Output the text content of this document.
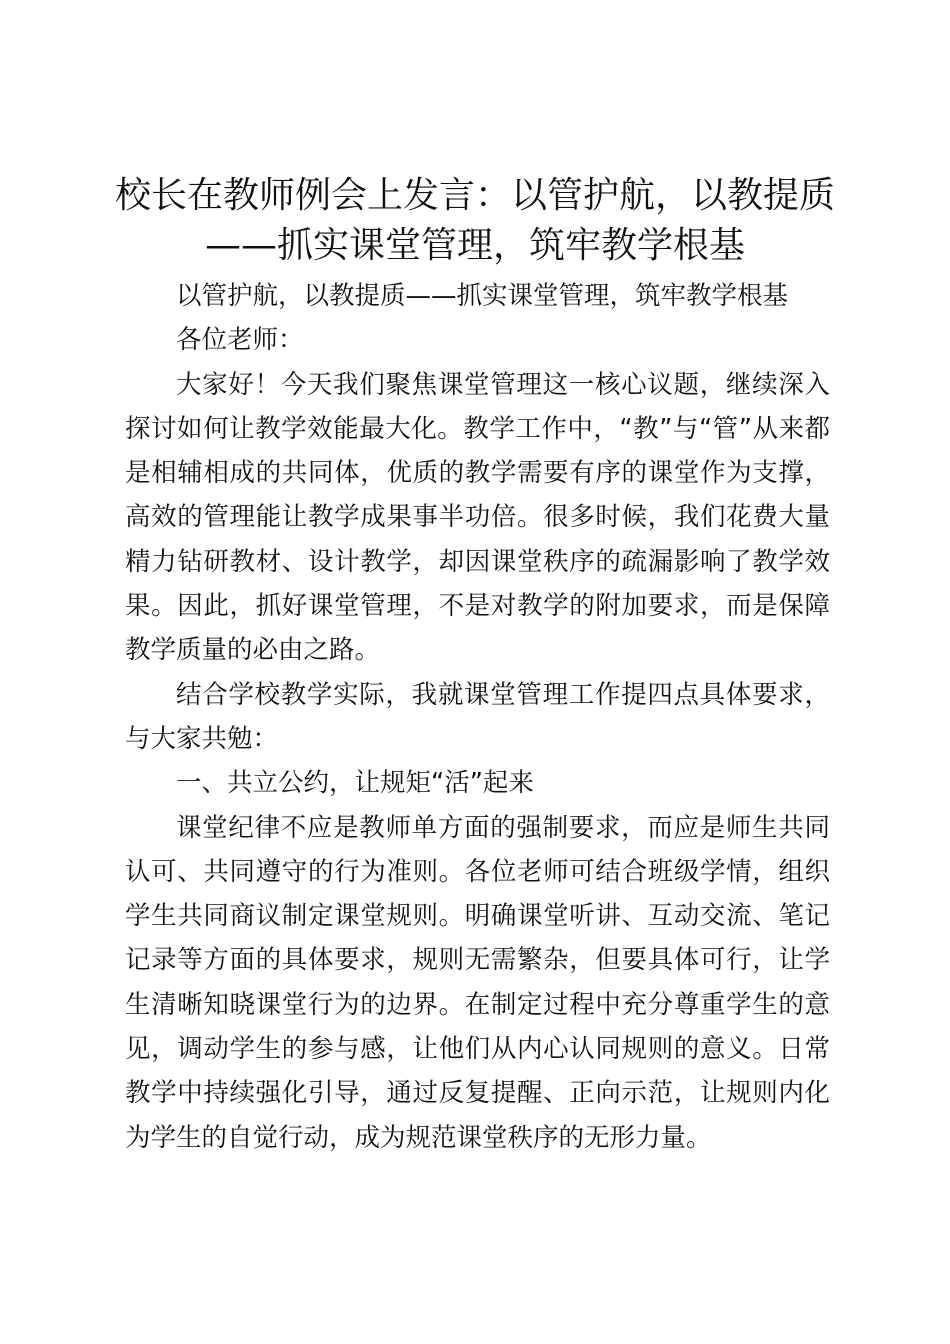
校长在教师例会上发言：以管护航，以教提质
——抓实课堂管理，筑牢教学根基

以管护航，以教提质——抓实课堂管理，筑牢教学根基

各位老师：

大家好！今天我们聚焦课堂管理这一核心议题，继续深入探讨如何让教学效能最大化。教学工作中，“教”与“管”从来都是相辅相成的共同体，优质的教学需要有序的课堂作为支撑，高效的管理能让教学成果事半功倍。很多时候，我们花费大量精力钻研教材、设计教学，却因课堂秩序的疏漏影响了教学效果。因此，抓好课堂管理，不是对教学的附加要求，而是保障教学质量的必由之路。

结合学校教学实际，我就课堂管理工作提四点具体要求，与大家共勉：

一、共立公约，让规矩“活”起来

课堂纪律不应是教师单方面的强制要求，而应是师生共同认可、共同遵守的行为准则。各位老师可结合班级学情，组织学生共同商议制定课堂规则。明确课堂听讲、互动交流、笔记记录等方面的具体要求，规则无需繁杂，但要具体可行，让学生清晰知晓课堂行为的边界。在制定过程中充分尊重学生的意见，调动学生的参与感，让他们从内心认同规则的意义。日常教学中持续强化引导，通过反复提醒、正向示范，让规则内化为学生的自觉行动，成为规范课堂秩序的无形力量。
